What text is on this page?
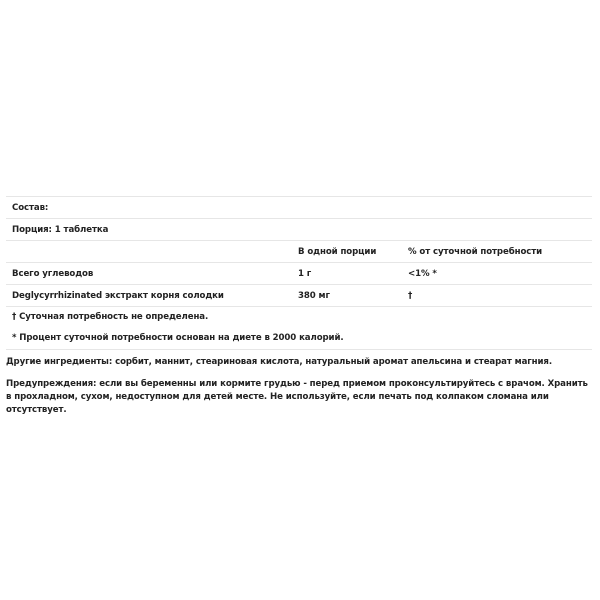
Состав:		
Порция: 1 таблетка		
	В одной порции	% от суточной потребности
Всего углеводов	1 г	<1% *
Deglycyrrhizinated экстракт корня солодки	380 мг	†

† Суточная потребность не определена.
* Процент суточной потребности основан на диете в 2000 калорий.		

Другие ингредиенты: сорбит, маннит, стеариновая кислота, натуральный аромат апельсина и стеарат магния.

Предупреждения: если вы беременны или кормите грудью - перед приемом проконсультируйтесь с врачом. Хранить в прохладном, сухом, недоступном для детей месте. Не используйте, если печать под колпаком сломана или отсутствует.
